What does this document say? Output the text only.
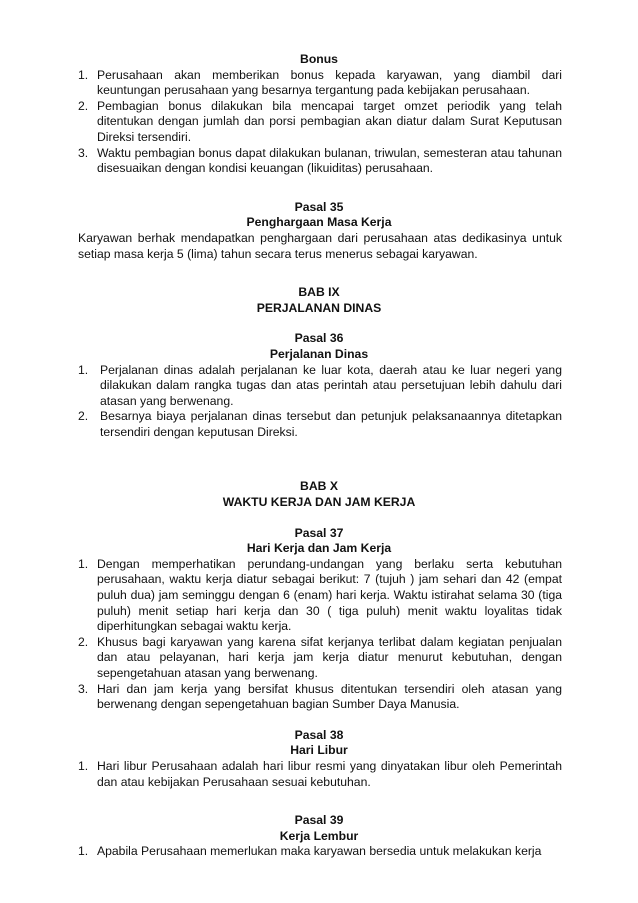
Bonus
1. Perusahaan akan memberikan bonus kepada karyawan, yang diambil dari keuntungan perusahaan yang besarnya tergantung pada kebijakan perusahaan.
2. Pembagian bonus dilakukan bila mencapai target omzet periodik yang telah ditentukan dengan jumlah dan porsi pembagian akan diatur dalam Surat Keputusan Direksi tersendiri.
3. Waktu pembagian bonus dapat dilakukan bulanan, triwulan, semesteran atau tahunan disesuaikan dengan kondisi keuangan (likuiditas) perusahaan.
Pasal 35
Penghargaan Masa Kerja

Karyawan berhak mendapatkan penghargaan dari perusahaan atas dedikasinya untuk setiap masa kerja 5 (lima) tahun secara terus menerus sebagai karyawan.

BAB IX
PERJALANAN DINAS
Pasal 36
Perjalanan Dinas
1. Perjalanan dinas adalah perjalanan ke luar kota, daerah atau ke luar negeri yang dilakukan dalam rangka tugas dan atas perintah atau persetujuan lebih dahulu dari atasan yang berwenang.
2. Besarnya biaya perjalanan dinas tersebut dan petunjuk pelaksanaannya ditetapkan tersendiri dengan keputusan Direksi.
BAB X
WAKTU KERJA DAN JAM KERJA
Pasal 37
Hari Kerja dan Jam Kerja
1. Dengan memperhatikan perundang-undangan yang berlaku serta kebutuhan perusahaan, waktu kerja diatur sebagai berikut: 7 (tujuh ) jam sehari dan 42 (empat puluh dua) jam seminggu dengan 6 (enam) hari kerja. Waktu istirahat selama 30 (tiga puluh) menit setiap hari kerja dan 30 ( tiga puluh) menit waktu loyalitas tidak diperhitungkan sebagai waktu kerja.
2. Khusus bagi karyawan yang karena sifat kerjanya terlibat dalam kegiatan penjualan dan atau pelayanan, hari kerja jam kerja diatur menurut kebutuhan, dengan sepengetahuan atasan yang berwenang.
3. Hari dan jam kerja yang bersifat khusus ditentukan tersendiri oleh atasan yang berwenang dengan sepengetahuan bagian Sumber Daya Manusia.
Pasal 38
Hari Libur
1. Hari libur Perusahaan adalah hari libur resmi yang dinyatakan libur oleh Pemerintah dan atau kebijakan Perusahaan sesuai kebutuhan.
Pasal 39
Kerja Lembur
1. Apabila Perusahaan memerlukan maka karyawan bersedia untuk melakukan kerja
